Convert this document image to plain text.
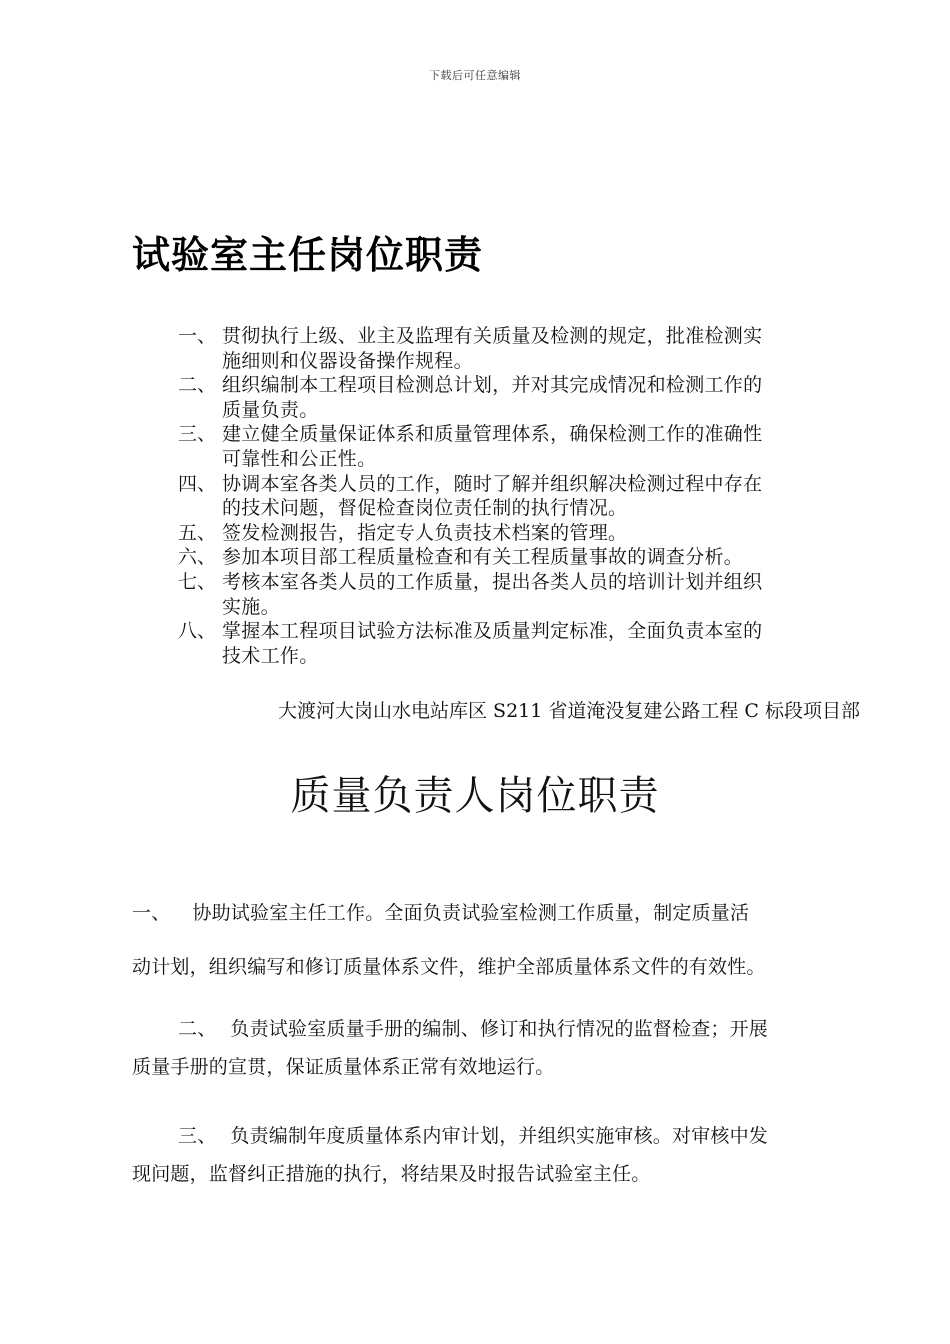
下载后可任意编辑
试验室主任岗位职责
一、 贯彻执行上级、业主及监理有关质量及检测的规定，批准检测实
施细则和仪器设备操作规程。
二、 组织编制本工程项目检测总计划，并对其完成情况和检测工作的
质量负责。
三、 建立健全质量保证体系和质量管理体系，确保检测工作的准确性
可靠性和公正性。
四、 协调本室各类人员的工作，随时了解并组织解决检测过程中存在
的技术问题，督促检查岗位责任制的执行情况。
五、 签发检测报告，指定专人负责技术档案的管理。
六、 参加本项目部工程质量检查和有关工程质量事故的调查分析。
七、 考核本室各类人员的工作质量，提出各类人员的培训计划并组织
实施。
八、 掌握本工程项目试验方法标准及质量判定标准，全面负责本室的
技术工作。
大渡河大岗山水电站库区 S211 省道淹没复建公路工程 C 标段项目部
质量负责人岗位职责
一、 协助试验室主任工作。全面负责试验室检测工作质量，制定质量活
动计划，组织编写和修订质量体系文件，维护全部质量体系文件的有效性。
二、 负责试验室质量手册的编制、修订和执行情况的监督检查；开展
质量手册的宣贯，保证质量体系正常有效地运行。
三、 负责编制年度质量体系内审计划，并组织实施审核。对审核中发
现问题，监督纠正措施的执行，将结果及时报告试验室主任。
